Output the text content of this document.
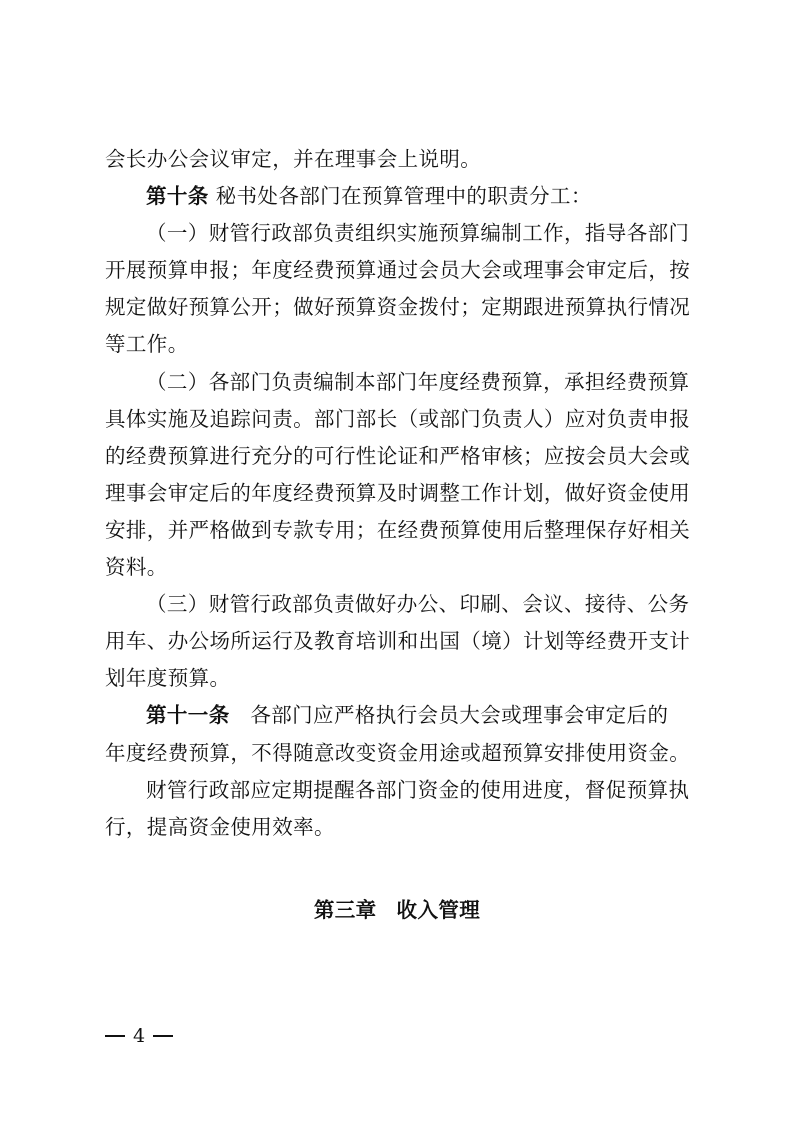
会长办公会议审定，并在理事会上说明。
第十条 秘书处各部门在预算管理中的职责分工：
（一）财管行政部负责组织实施预算编制工作，指导各部门
开展预算申报；年度经费预算通过会员大会或理事会审定后，按
规定做好预算公开；做好预算资金拨付；定期跟进预算执行情况
等工作。
（二）各部门负责编制本部门年度经费预算，承担经费预算
具体实施及追踪问责。部门部长（或部门负责人）应对负责申报
的经费预算进行充分的可行性论证和严格审核；应按会员大会或
理事会审定后的年度经费预算及时调整工作计划，做好资金使用
安排，并严格做到专款专用；在经费预算使用后整理保存好相关
资料。
（三）财管行政部负责做好办公、印刷、会议、接待、公务
用车、办公场所运行及教育培训和出国（境）计划等经费开支计
划年度预算。
第十一条 各部门应严格执行会员大会或理事会审定后的
年度经费预算，不得随意改变资金用途或超预算安排使用资金。
财管行政部应定期提醒各部门资金的使用进度，督促预算执
行，提高资金使用效率。
第三章 收入管理
4
